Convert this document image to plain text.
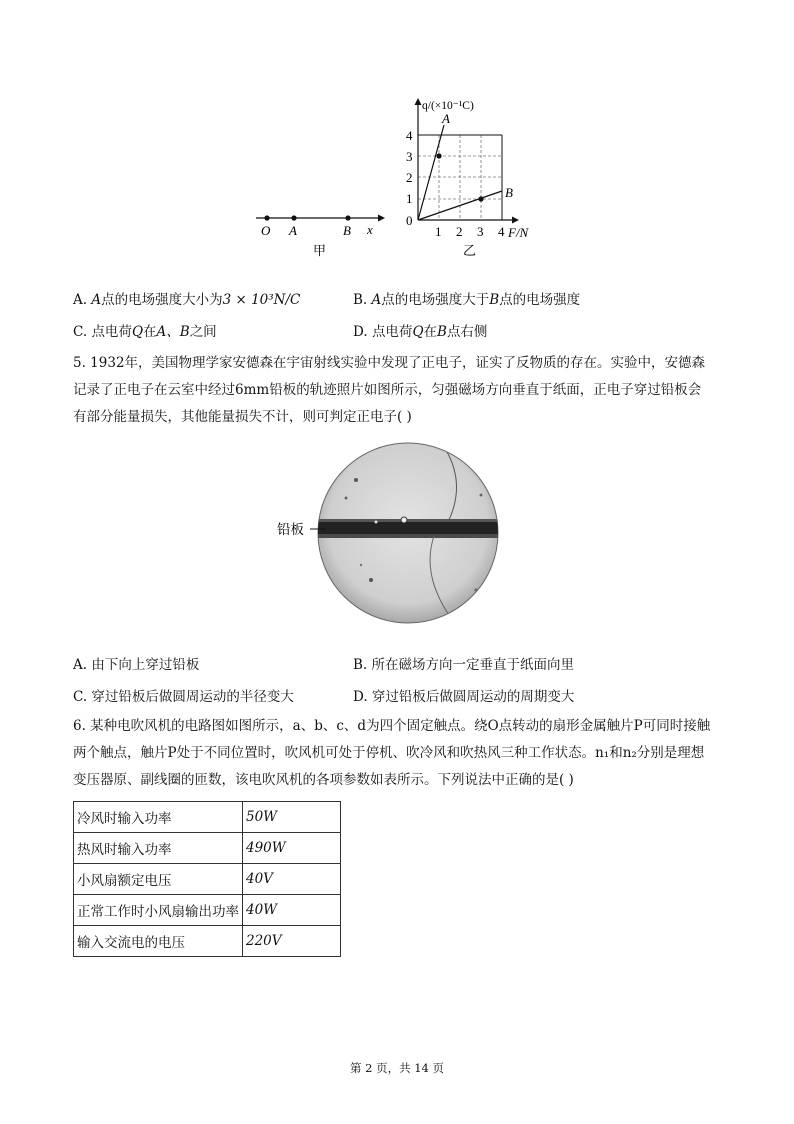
O A	B x
甲
q/(×10⁻¹C)
A
B
0
1
2
3
4
1 2 3 4 F/N
乙
A. A点的电场强度大小为3 × 10³N/C	B. A点的电场强度大于B点的电场强度
C. 点电荷Q在A、B之间	D. 点电荷Q在B点右侧
5. 1932年，美国物理学家安德森在宇宙射线实验中发现了正电子，证实了反物质的存在。实验中，安德森
记录了正电子在云室中经过6mm铅板的轨迹照片如图所示，匀强磁场方向垂直于纸面，正电子穿过铅板会
有部分能量损失，其他能量损失不计，则可判定正电子( )
铅板
A. 由下向上穿过铅板	B. 所在磁场方向一定垂直于纸面向里
C. 穿过铅板后做圆周运动的半径变大	D. 穿过铅板后做圆周运动的周期变大
6. 某种电吹风机的电路图如图所示，a、b、c、d为四个固定触点。绕O点转动的扇形金属触片P可同时接触
两个触点，触片P处于不同位置时，吹风机可处于停机、吹冷风和吹热风三种工作状态。n₁和n₂分别是理想
变压器原、副线圈的匝数，该电吹风机的各项参数如表所示。下列说法中正确的是( )
冷风时输入功率	50W
热风时输入功率	490W
小风扇额定电压	40V
正常工作时小风扇输出功率	40W
输入交流电的电压	220V
第 2 页，共 14 页
